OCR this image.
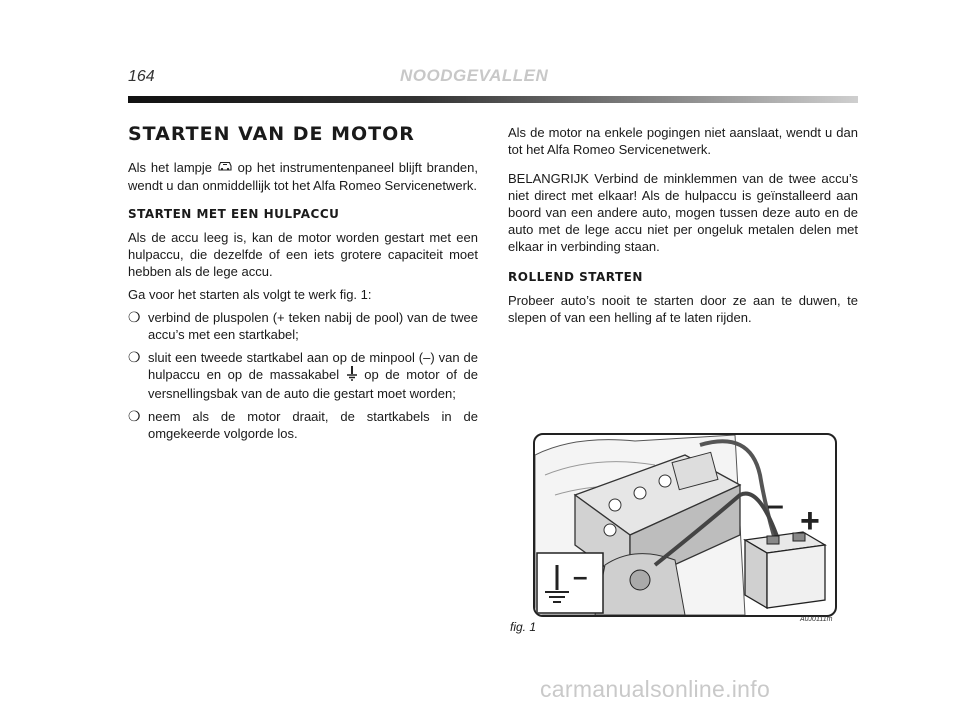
164	NOODGEVALLEN
STARTEN VAN DE MOTOR

Als het lampje op het instrumentenpaneel blijft branden, wendt u dan onmiddellijk tot het Alfa Romeo Servicenetwerk.

STARTEN MET EEN HULPACCU

Als de accu leeg is, kan de motor worden gestart met een hulpaccu, die dezelfde of een iets grotere capaciteit moet hebben als de lege accu.

Ga voor het starten als volgt te werk fig. 1:

❍ verbind de pluspolen (+ teken nabij de pool) van de twee accu’s met een startkabel;
❍ sluit een tweede startkabel aan op de minpool (–) van de hulpaccu en op de massakabel op de motor of de versnellingsbak van de auto die gestart moet worden;
❍ neem als de motor draait, de startkabels in de omgekeerde volgorde los.

Als de motor na enkele pogingen niet aanslaat, wendt u dan tot het Alfa Romeo Servicenetwerk.

BELANGRIJK Verbind de minklemmen van de twee accu’s niet direct met elkaar! Als de hulpaccu is geïnstalleerd aan boord van een andere auto, mogen tussen deze auto en de auto met de lege accu niet per ongeluk metalen delen met elkaar in verbinding staan.

ROLLEND STARTEN

Probeer auto’s nooit te starten door ze aan te duwen, te slepen of van een helling af te laten rijden.

–
– +
fig. 1
A0J0111m
carmanualsonline.info
